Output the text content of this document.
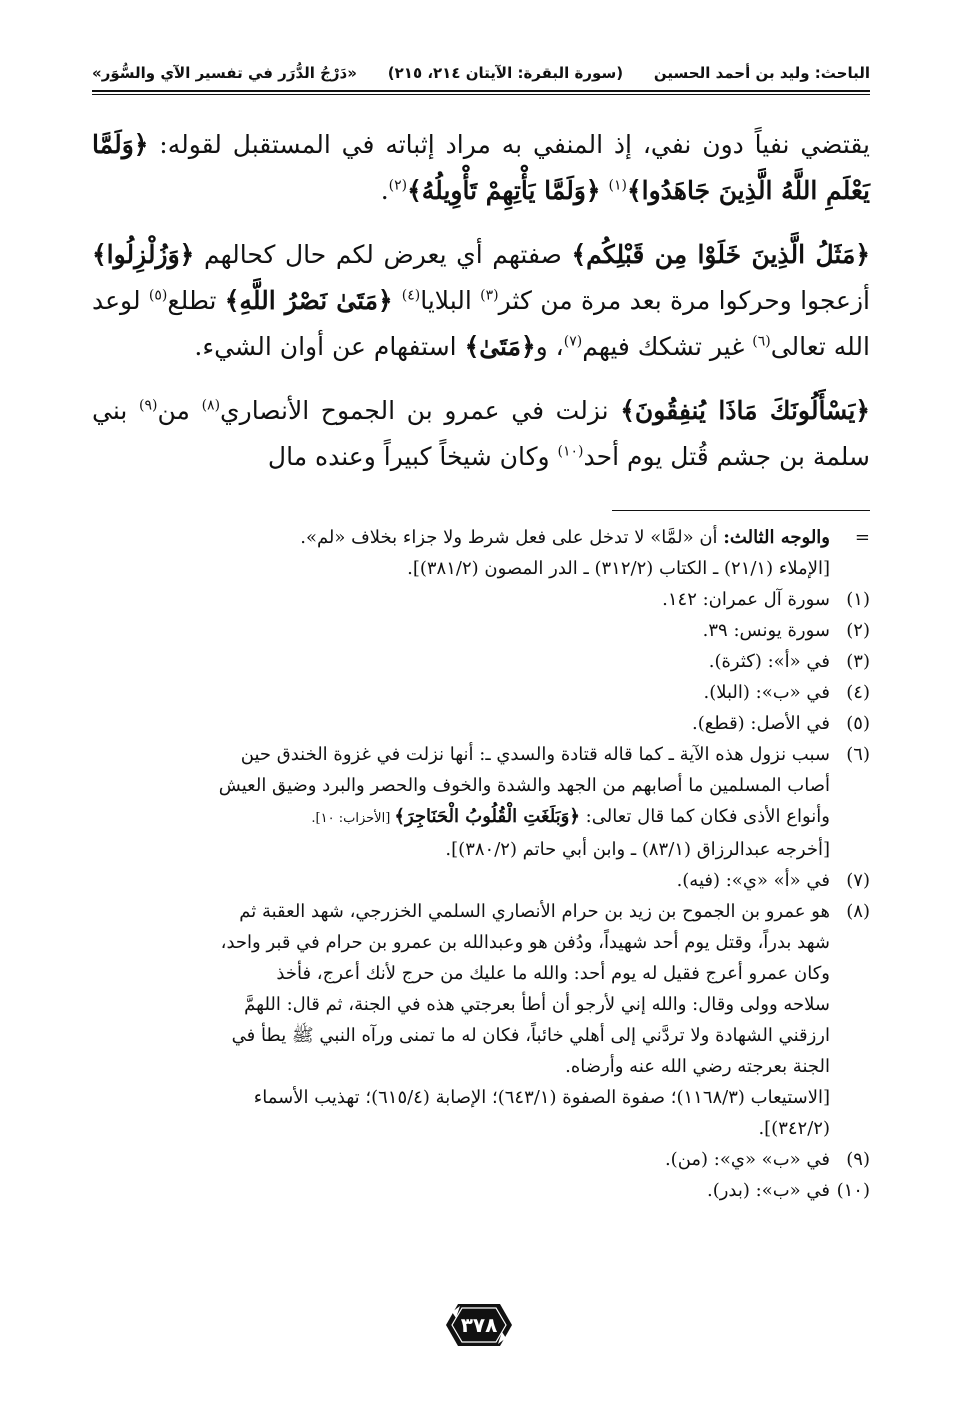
الباحث: وليد بن أحمد الحسين
(سورة البقرة: الآيتان ٢١٤، ٢١٥)
«دَرْجُ الدُّرَر في تفسير الآي والسُّوَر»

يقتضي نفياً دون نفي، إذ المنفي به مراد إثباته في المستقبل لقوله: ﴿وَلَمَّا يَعْلَمِ اللَّهُ الَّذِينَ جَاهَدُوا﴾$^{(١)}$ ﴿وَلَمَّا يَأْتِهِمْ تَأْوِيلُهُ﴾$^{(٢)}$.

﴿مَثَلُ الَّذِينَ خَلَوْا مِن قَبْلِكُم﴾ صفتهم أي يعرض لكم حال كحالهم ﴿وَزُلْزِلُوا﴾ أزعجوا وحركوا مرة بعد مرة من كثر$^{(٣)}$ البلايا$^{(٤)}$ ﴿مَتَىٰ نَصْرُ اللَّهِ﴾ تطلع$^{(٥)}$ لوعد الله تعالى$^{(٦)}$ غير تشكك فيهم$^{(٧)}$، و﴿مَتَىٰ﴾ استفهام عن أوان الشيء.

﴿يَسْأَلُونَكَ مَاذَا يُنفِقُونَ﴾ نزلت في عمرو بن الجموح الأنصاري$^{(٨)}$ من$^{(٩)}$ بني سلمة بن جشم قُتل يوم أحد$^{(١٠)}$ وكان شيخاً كبيراً وعنده مال

=
والوجه الثالث: أن «لمَّا» لا تدخل على فعل شرط ولا جزاء بخلاف «لم».
[الإملاء (٢١/١) ـ الكتاب (٣١٢/٢) ـ الدر المصون (٣٨١/٢)].
(١)
سورة آل عمران: ١٤٢.
(٢)
سورة يونس: ٣٩.
(٣)
في «أ»: (كثرة).
(٤)
في «ب»: (البلا).
(٥)
في الأصل: (قطع).
(٦)
سبب نزول هذه الآية ـ كما قاله قتادة والسدي ـ: أنها نزلت في غزوة الخندق حين
أصاب المسلمين ما أصابهم من الجهد والشدة والخوف والحصر والبرد وضيق العيش
وأنواع الأذى فكان كما قال تعالى: ﴿وَبَلَغَتِ الْقُلُوبُ الْحَنَاجِرَ﴾ [الأحزاب: ١٠].
[أخرجه عبدالرزاق (٨٣/١) ـ وابن أبي حاتم (٣٨٠/٢)].
(٧)
في «أ» «ي»: (فيه).
(٨)
هو عمرو بن الجموح بن زيد بن حرام الأنصاري السلمي الخزرجي، شهد العقبة ثم
شهد بدراً، وقتل يوم أحد شهيداً، ودُفن هو وعبدالله بن عمرو بن حرام في قبر واحد،
وكان عمرو أعرج فقيل له يوم أحد: والله ما عليك من حرج لأنك أعرج، فأخذ
سلاحه وولى وقال: والله إني لأرجو أن أطأ بعرجتي هذه في الجنة، ثم قال: اللهمَّ
ارزقني الشهادة ولا تردَّني إلى أهلي خائباً، فكان له ما تمنى ورآه النبي ﷺ يطأ في
الجنة بعرجته رضي الله عنه وأرضاه.
[الاستيعاب (١١٦٨/٣)؛ صفوة الصفوة (٦٤٣/١)؛ الإصابة (٦١٥/٤)؛ تهذيب الأسماء
(٣٤٢/٢)].
(٩)
في «ب» «ي»: (من).
(١٠)
في «ب»: (بدر).
٣٧٨
